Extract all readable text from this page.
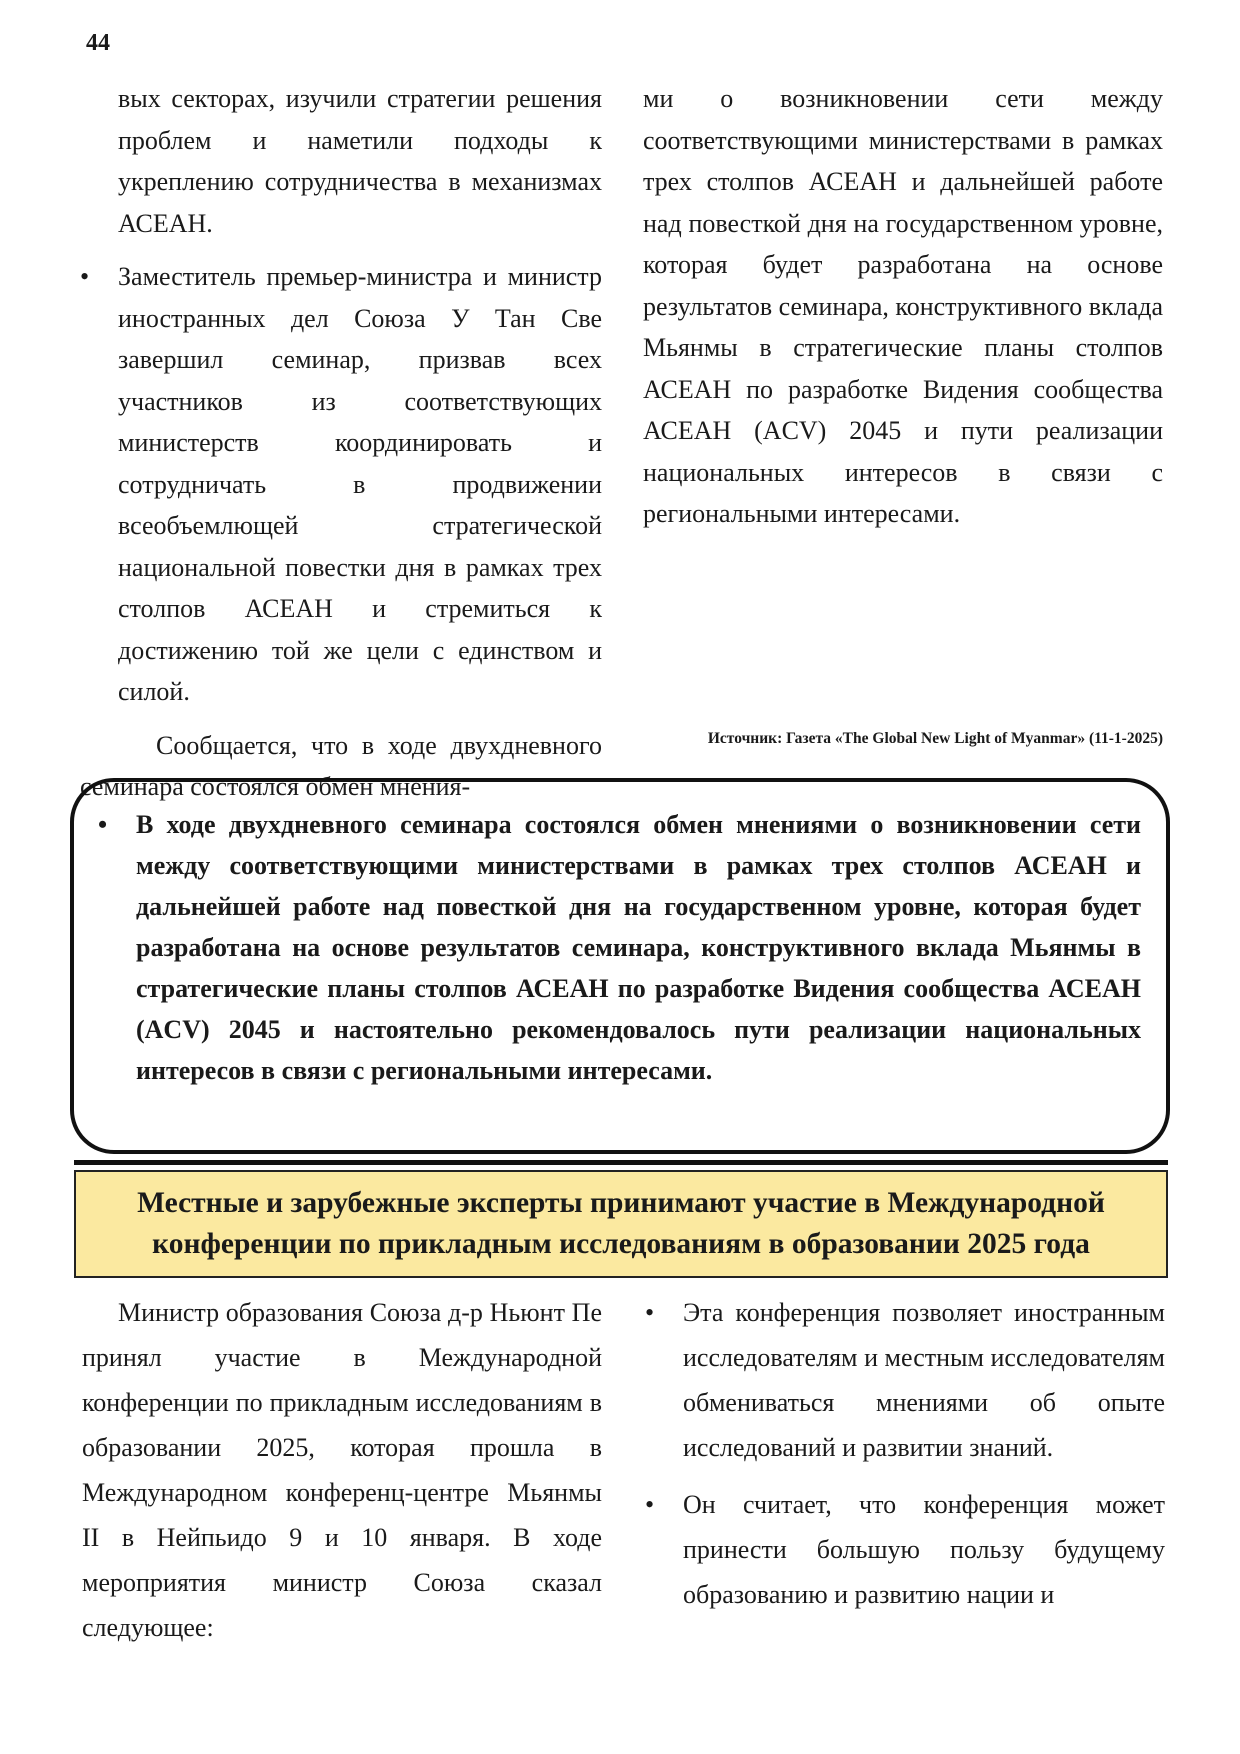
44

вых секторах, изучили стратегии решения проблем и наметили подходы к укреплению сотрудничества в механизмах АСЕАН.

• Заместитель премьер-министра и министр иностранных дел Союза У Тан Све завершил семинар, призвав всех участников из соответствующих министерств координировать и сотрудничать в продвижении всеобъемлющей стратегической национальной повестки дня в рамках трех столпов АСЕАН и стремиться к достижению той же цели с единством и силой.

Сообщается, что в ходе двухдневного семинара состоялся обмен мнения-

ми о возникновении сети между соответствующими министерствами в рамках трех столпов АСЕАН и дальнейшей работе над повесткой дня на государственном уровне, которая будет разработана на основе результатов семинара, конструктивного вклада Мьянмы в стратегические планы столпов АСЕАН по разработке Видения сообщества АСЕАН (ACV) 2045 и пути реализации национальных интересов в связи с региональными интересами.

Источник: Газета «The Global New Light of Myanmar» (11-1-2025)
• В ходе двухдневного семинара состоялся обмен мнениями о возникновении сети между соответствующими министерствами в рамках трех столпов АСЕАН и дальнейшей работе над повесткой дня на государственном уровне, которая будет разработана на основе результатов семинара, конструктивного вклада Мьянмы в стратегические планы столпов АСЕАН по разработке Видения сообщества АСЕАН (ACV) 2045 и настоятельно рекомендовалось пути реализации национальных интересов в связи с региональными интересами.
Местные и зарубежные эксперты принимают участие в Международной конференции по прикладным исследованиям в образовании 2025 года

Министр образования Союза д-р Ньюнт Пе принял участие в Международной конференции по прикладным исследованиям в образовании 2025, которая прошла в Международном конференц-центре Мьянмы II в Нейпьидо 9 и 10 января. В ходе мероприятия министр Союза сказал следующее:

• Эта конференция позволяет иностранным исследователям и местным исследователям обмениваться мнениями об опыте исследований и развитии знаний.
• Он считает, что конференция может принести большую пользу будущему образованию и развитию нации и
